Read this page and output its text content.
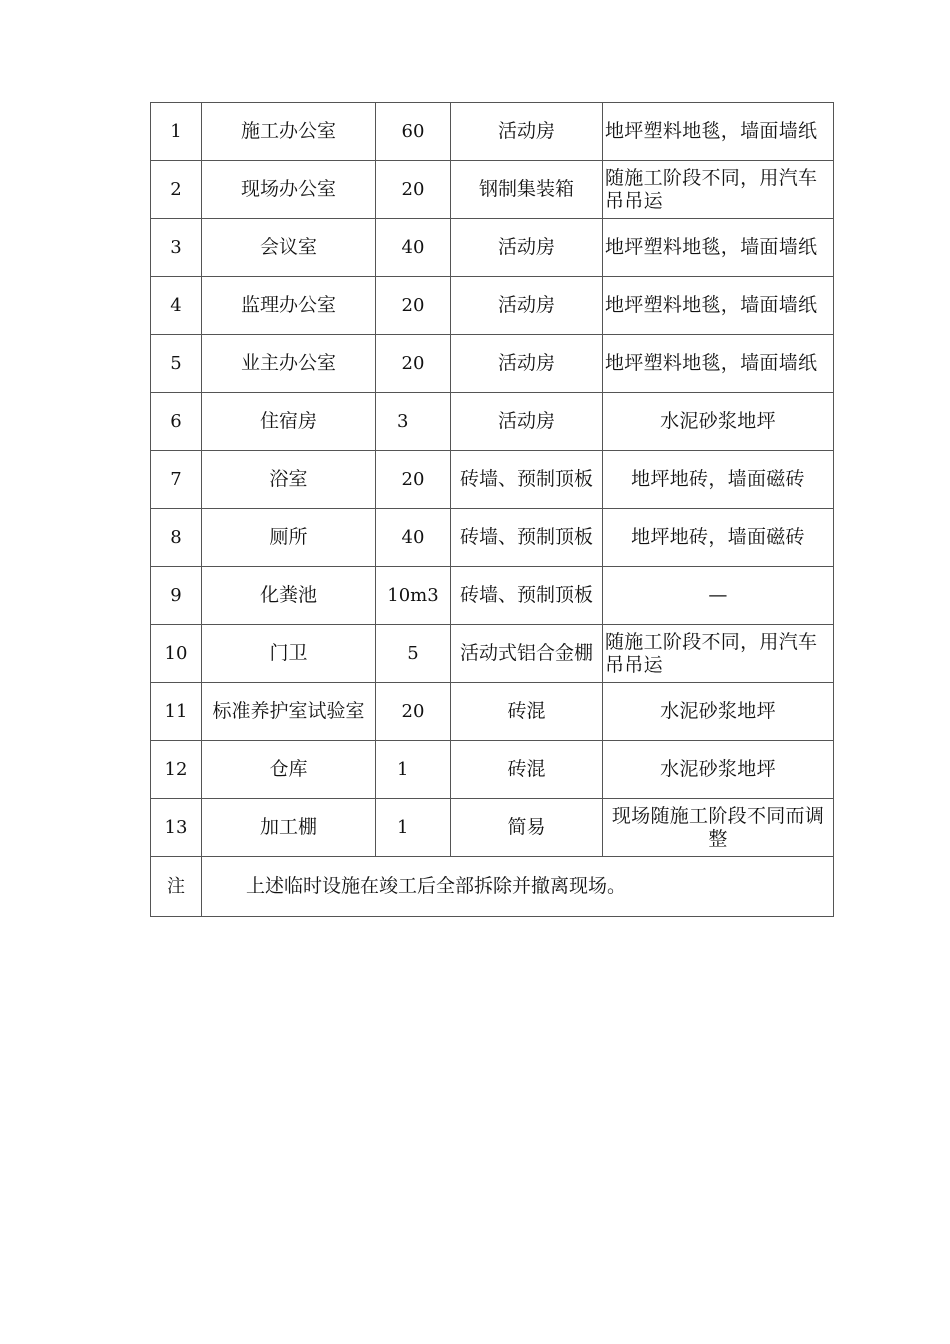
1	施工办公室	60	活动房	地坪塑料地毯，墙面墙纸
2	现场办公室	20	钢制集装箱	随施工阶段不同，用汽车吊吊运
3	会议室	40	活动房	地坪塑料地毯，墙面墙纸
4	监理办公室	20	活动房	地坪塑料地毯，墙面墙纸
5	业主办公室	20	活动房	地坪塑料地毯，墙面墙纸
6	住宿房	3	活动房	水泥砂浆地坪
7	浴室	20	砖墙、预制顶板	地坪地砖，墙面磁砖
8	厕所	40	砖墙、预制顶板	地坪地砖，墙面磁砖
9	化粪池	10m3	砖墙、预制顶板	—
10	门卫	5	活动式铝合金棚	随施工阶段不同，用汽车吊吊运
11	标准养护室试验室	20	砖混	水泥砂浆地坪
12	仓库	1	砖混	水泥砂浆地坪
13	加工棚	1	简易	现场随施工阶段不同而调整
注	上述临时设施在竣工后全部拆除并撤离现场。			
